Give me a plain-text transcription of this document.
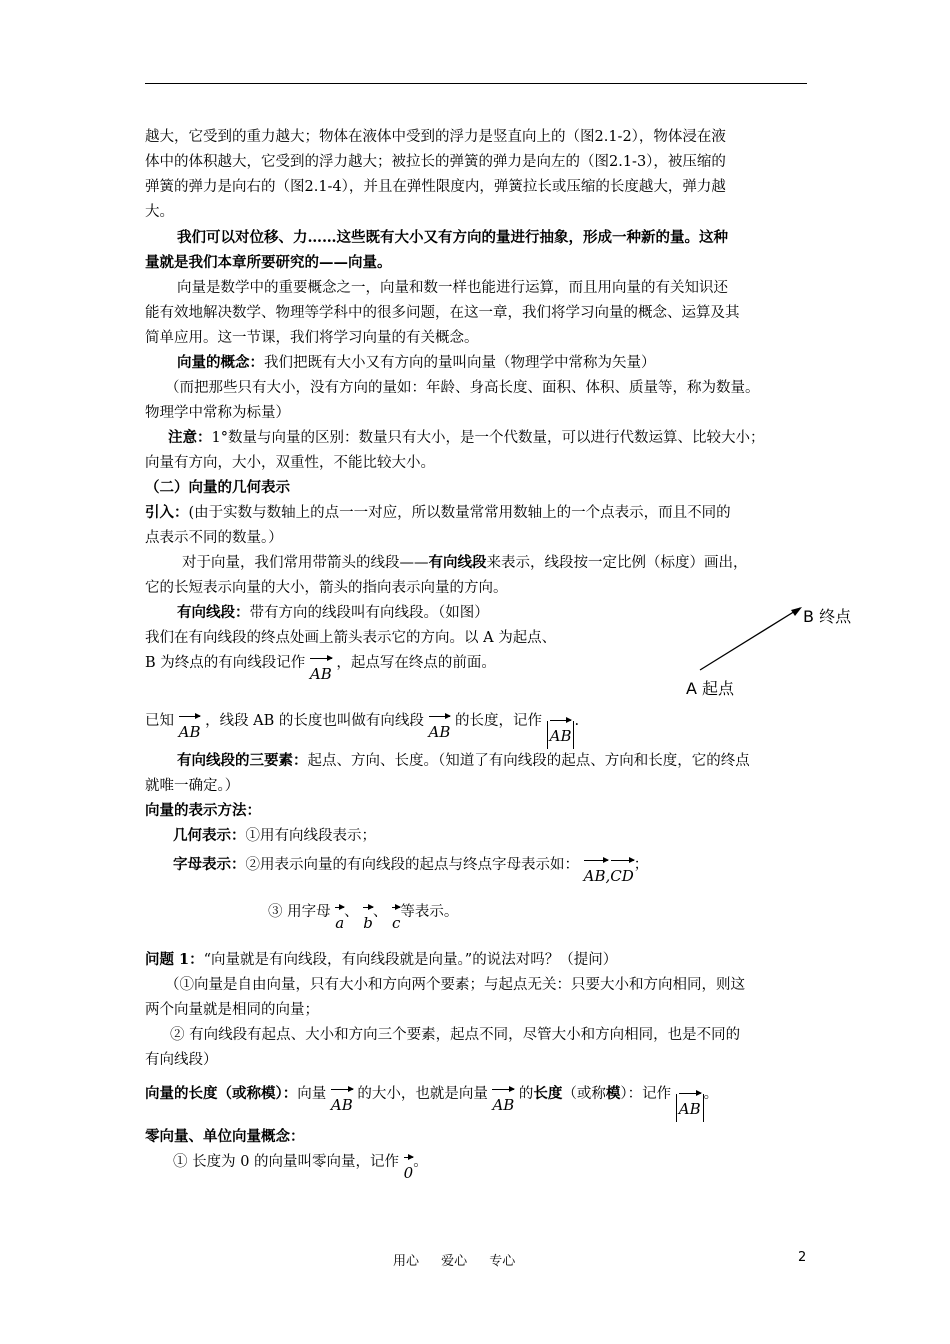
越大，它受到的重力越大；物体在液体中受到的浮力是竖直向上的（图2.1-2），物体浸在液
体中的体积越大，它受到的浮力越大；被拉长的弹簧的弹力是向左的（图2.1-3），被压缩的
弹簧的弹力是向右的（图2.1-4），并且在弹性限度内，弹簧拉长或压缩的长度越大，弹力越
大。
我们可以对位移、力……这些既有大小又有方向的量进行抽象，形成一种新的量。这种
量就是我们本章所要研究的——向量。
向量是数学中的重要概念之一，向量和数一样也能进行运算，而且用向量的有关知识还
能有效地解决数学、物理等学科中的很多问题，在这一章，我们将学习向量的概念、运算及其
简单应用。这一节课，我们将学习向量的有关概念。
向量的概念：我们把既有大小又有方向的量叫向量（物理学中常称为矢量）
（而把那些只有大小，没有方向的量如：年龄、身高长度、面积、体积、质量等，称为数量。
物理学中常称为标量）
注意：1°数量与向量的区别：数量只有大小，是一个代数量，可以进行代数运算、比较大小；
向量有方向，大小，双重性，不能比较大小。
（二）向量的几何表示
引入：(由于实数与数轴上的点一一对应，所以数量常常用数轴上的一个点表示，而且不同的
点表示不同的数量。）
对于向量，我们常用带箭头的线段——有向线段来表示，线段按一定比例（标度）画出，
它的长短表示向量的大小，箭头的指向表示向量的方向。
有向线段：带有方向的线段叫有向线段。（如图）
我们在有向线段的终点处画上箭头表示它的方向。以 A 为起点、
B 为终点的有向线段记作
AB ，起点写在终点的前面。
B 终点
A 起点
已知
AB ，线段 AB 的长度也叫做有向线段
AB 的长度，记作
AB.
有向线段的三要素：起点、方向、长度。（知道了有向线段的起点、方向和长度，它的终点
就唯一确定。）
向量的表示方法：
几何表示：①用有向线段表示；
字母表示：②用表示向量的有向线段的起点与终点字母表示如：
AB,CD；
③ 用字母
a、
b、
c等表示。
问题 1：“向量就是有向线段，有向线段就是向量。”的说法对吗？（提问）
（①向量是自由向量，只有大小和方向两个要素；与起点无关：只要大小和方向相同，则这
两个向量就是相同的向量；
② 有向线段有起点、大小和方向三个要素，起点不同，尽管大小和方向相同，也是不同的
有向线段）
向量的长度（或称模）：向量
AB 的大小，也就是向量
AB 的长度（或称模）：记作
AB。
零向量、单位向量概念：
① 长度为 0 的向量叫零向量，记作
0。
用心 爱心 专心	2
